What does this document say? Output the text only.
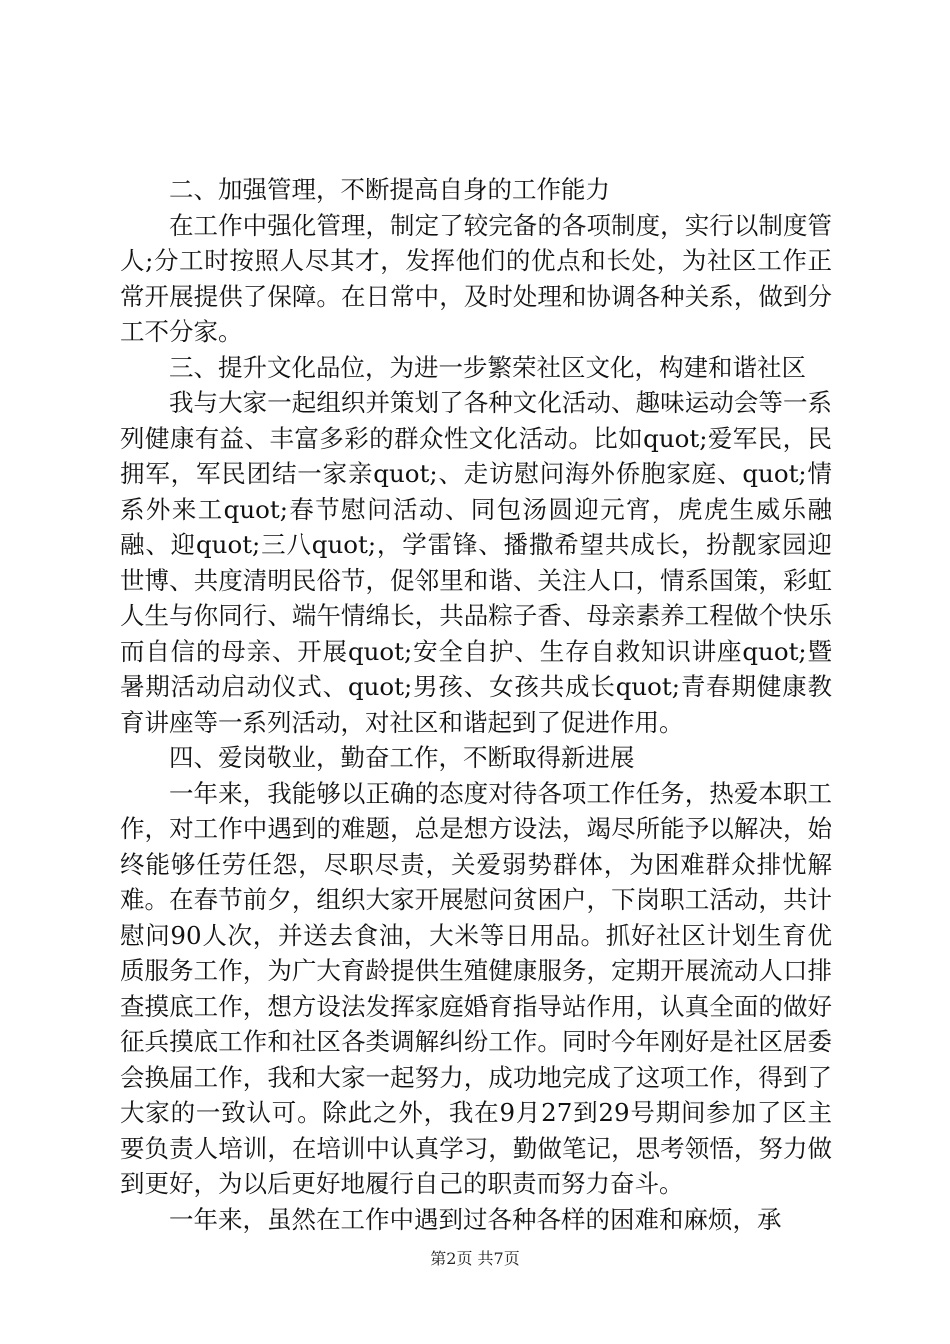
二、加强管理，不断提高自身的工作能力

在工作中强化管理，制定了较完备的各项制度，实行以制度管人;分工时按照人尽其才，发挥他们的优点和长处，为社区工作正常开展提供了保障。在日常中，及时处理和协调各种关系，做到分工不分家。

三、提升文化品位，为进一步繁荣社区文化，构建和谐社区

我与大家一起组织并策划了各种文化活动、趣味运动会等一系列健康有益、丰富多彩的群众性文化活动。比如quot;爱军民，民拥军，军民团结一家亲quot;、走访慰问海外侨胞家庭、quot;情系外来工quot;春节慰问活动、同包汤圆迎元宵，虎虎生威乐融融、迎quot;三八quot;，学雷锋、播撒希望共成长，扮靓家园迎世博、共度清明民俗节，促邻里和谐、关注人口，情系国策，彩虹人生与你同行、端午情绵长，共品粽子香、母亲素养工程做个快乐而自信的母亲、开展quot;安全自护、生存自救知识讲座quot;暨暑期活动启动仪式、quot;男孩、女孩共成长quot;青春期健康教育讲座等一系列活动，对社区和谐起到了促进作用。

四、爱岗敬业，勤奋工作，不断取得新进展

一年来，我能够以正确的态度对待各项工作任务，热爱本职工作，对工作中遇到的难题，总是想方设法，竭尽所能予以解决，始终能够任劳任怨，尽职尽责，关爱弱势群体，为困难群众排忧解难。在春节前夕，组织大家开展慰问贫困户，下岗职工活动，共计慰问90人次，并送去食油，大米等日用品。抓好社区计划生育优质服务工作，为广大育龄提供生殖健康服务，定期开展流动人口排查摸底工作，想方设法发挥家庭婚育指导站作用，认真全面的做好征兵摸底工作和社区各类调解纠纷工作。同时今年刚好是社区居委会换届工作，我和大家一起努力，成功地完成了这项工作，得到了大家的一致认可。除此之外，我在9月27到29号期间参加了区主要负责人培训，在培训中认真学习，勤做笔记，思考领悟，努力做到更好，为以后更好地履行自己的职责而努力奋斗。

一年来，虽然在工作中遇到过各种各样的困难和麻烦，承

第2页 共7页
